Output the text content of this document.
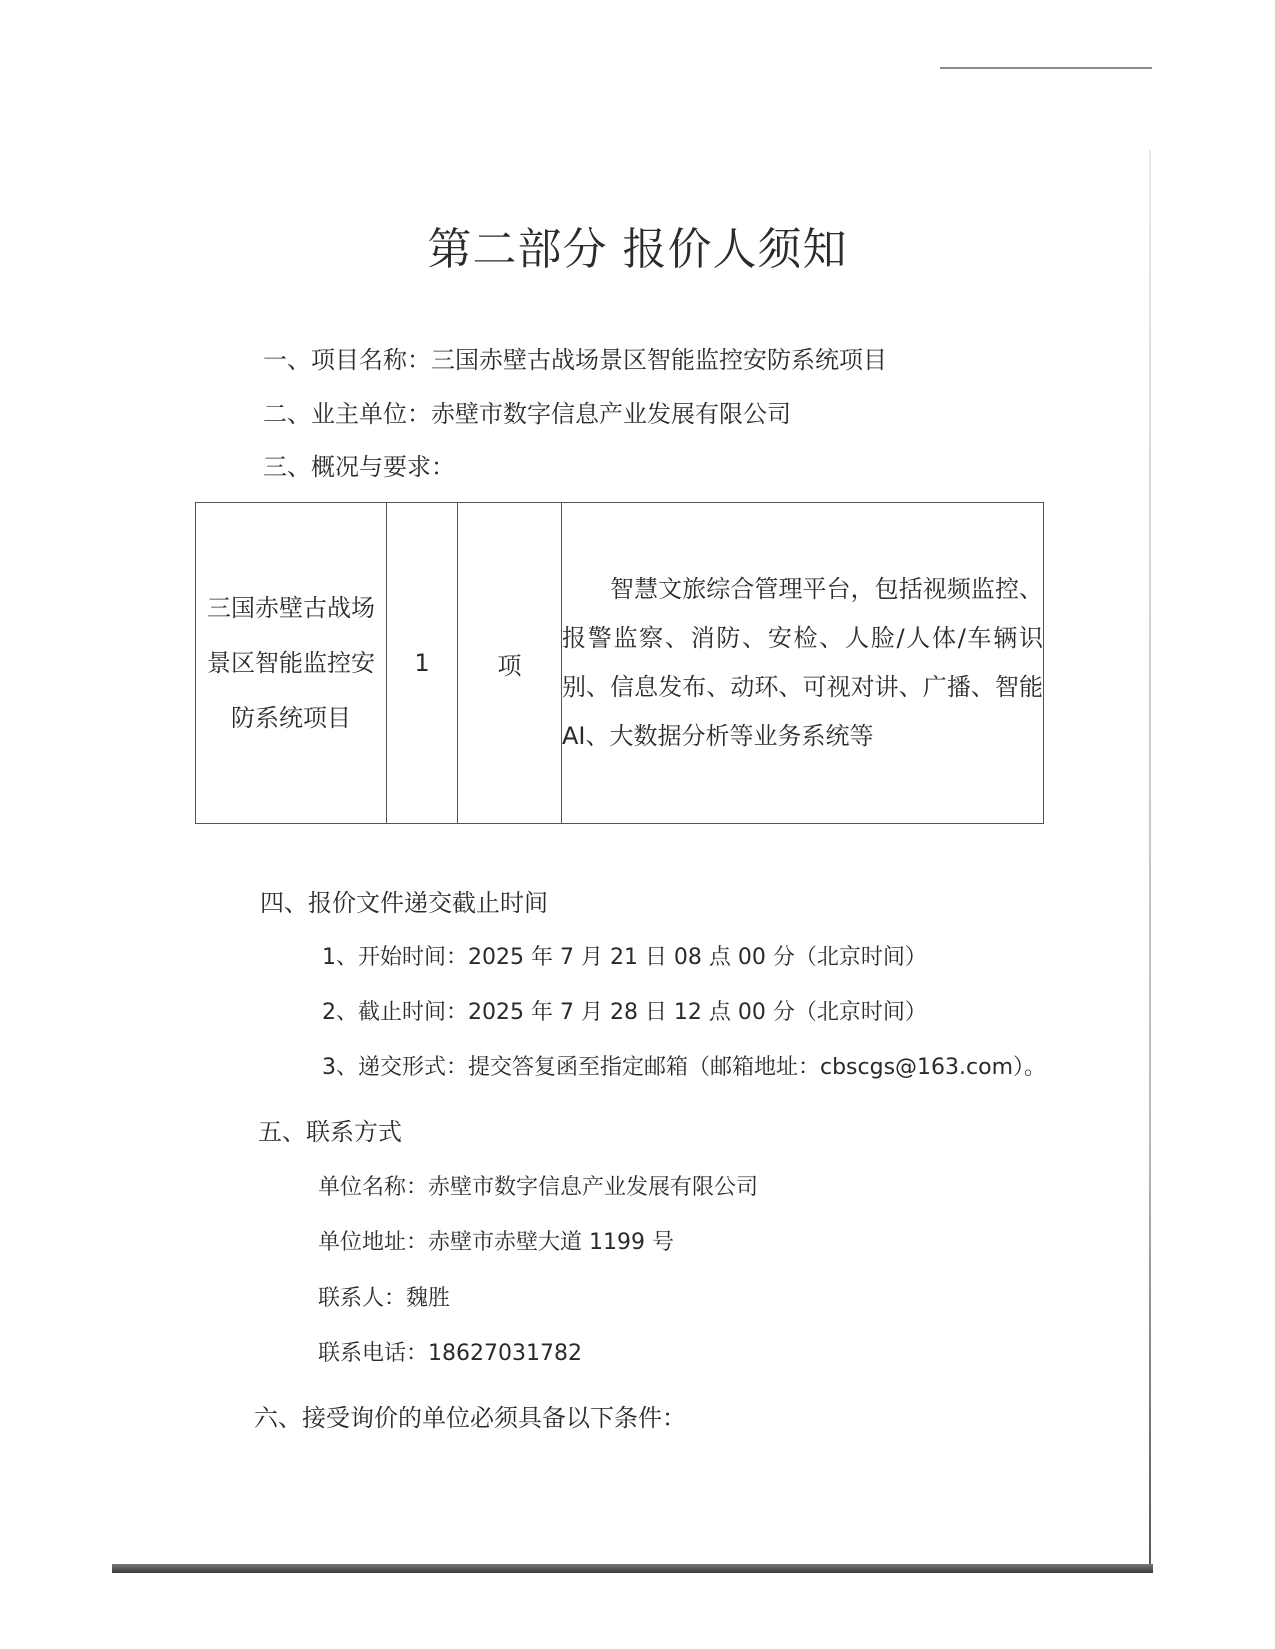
第二部分 报价人须知
一、项目名称：三国赤壁古战场景区智能监控安防系统项目
二、业主单位：赤壁市数字信息产业发展有限公司
三、概况与要求：
三国赤壁古战场景区智能监控安防系统项目	1	项	智慧文旅综合管理平台，包括视频监控、报警监察、消防、安检、人脸/人体/车辆识别、信息发布、动环、可视对讲、广播、智能 AI、大数据分析等业务系统等
四、报价文件递交截止时间
1、开始时间：2025 年 7 月 21 日 08 点 00 分（北京时间）
2、截止时间：2025 年 7 月 28 日 12 点 00 分（北京时间）
3、递交形式：提交答复函至指定邮箱（邮箱地址：cbscgs@163.com）。
五、联系方式
单位名称：赤壁市数字信息产业发展有限公司
单位地址：赤壁市赤壁大道 1199 号
联系人：魏胜
联系电话：18627031782
六、接受询价的单位必须具备以下条件：
